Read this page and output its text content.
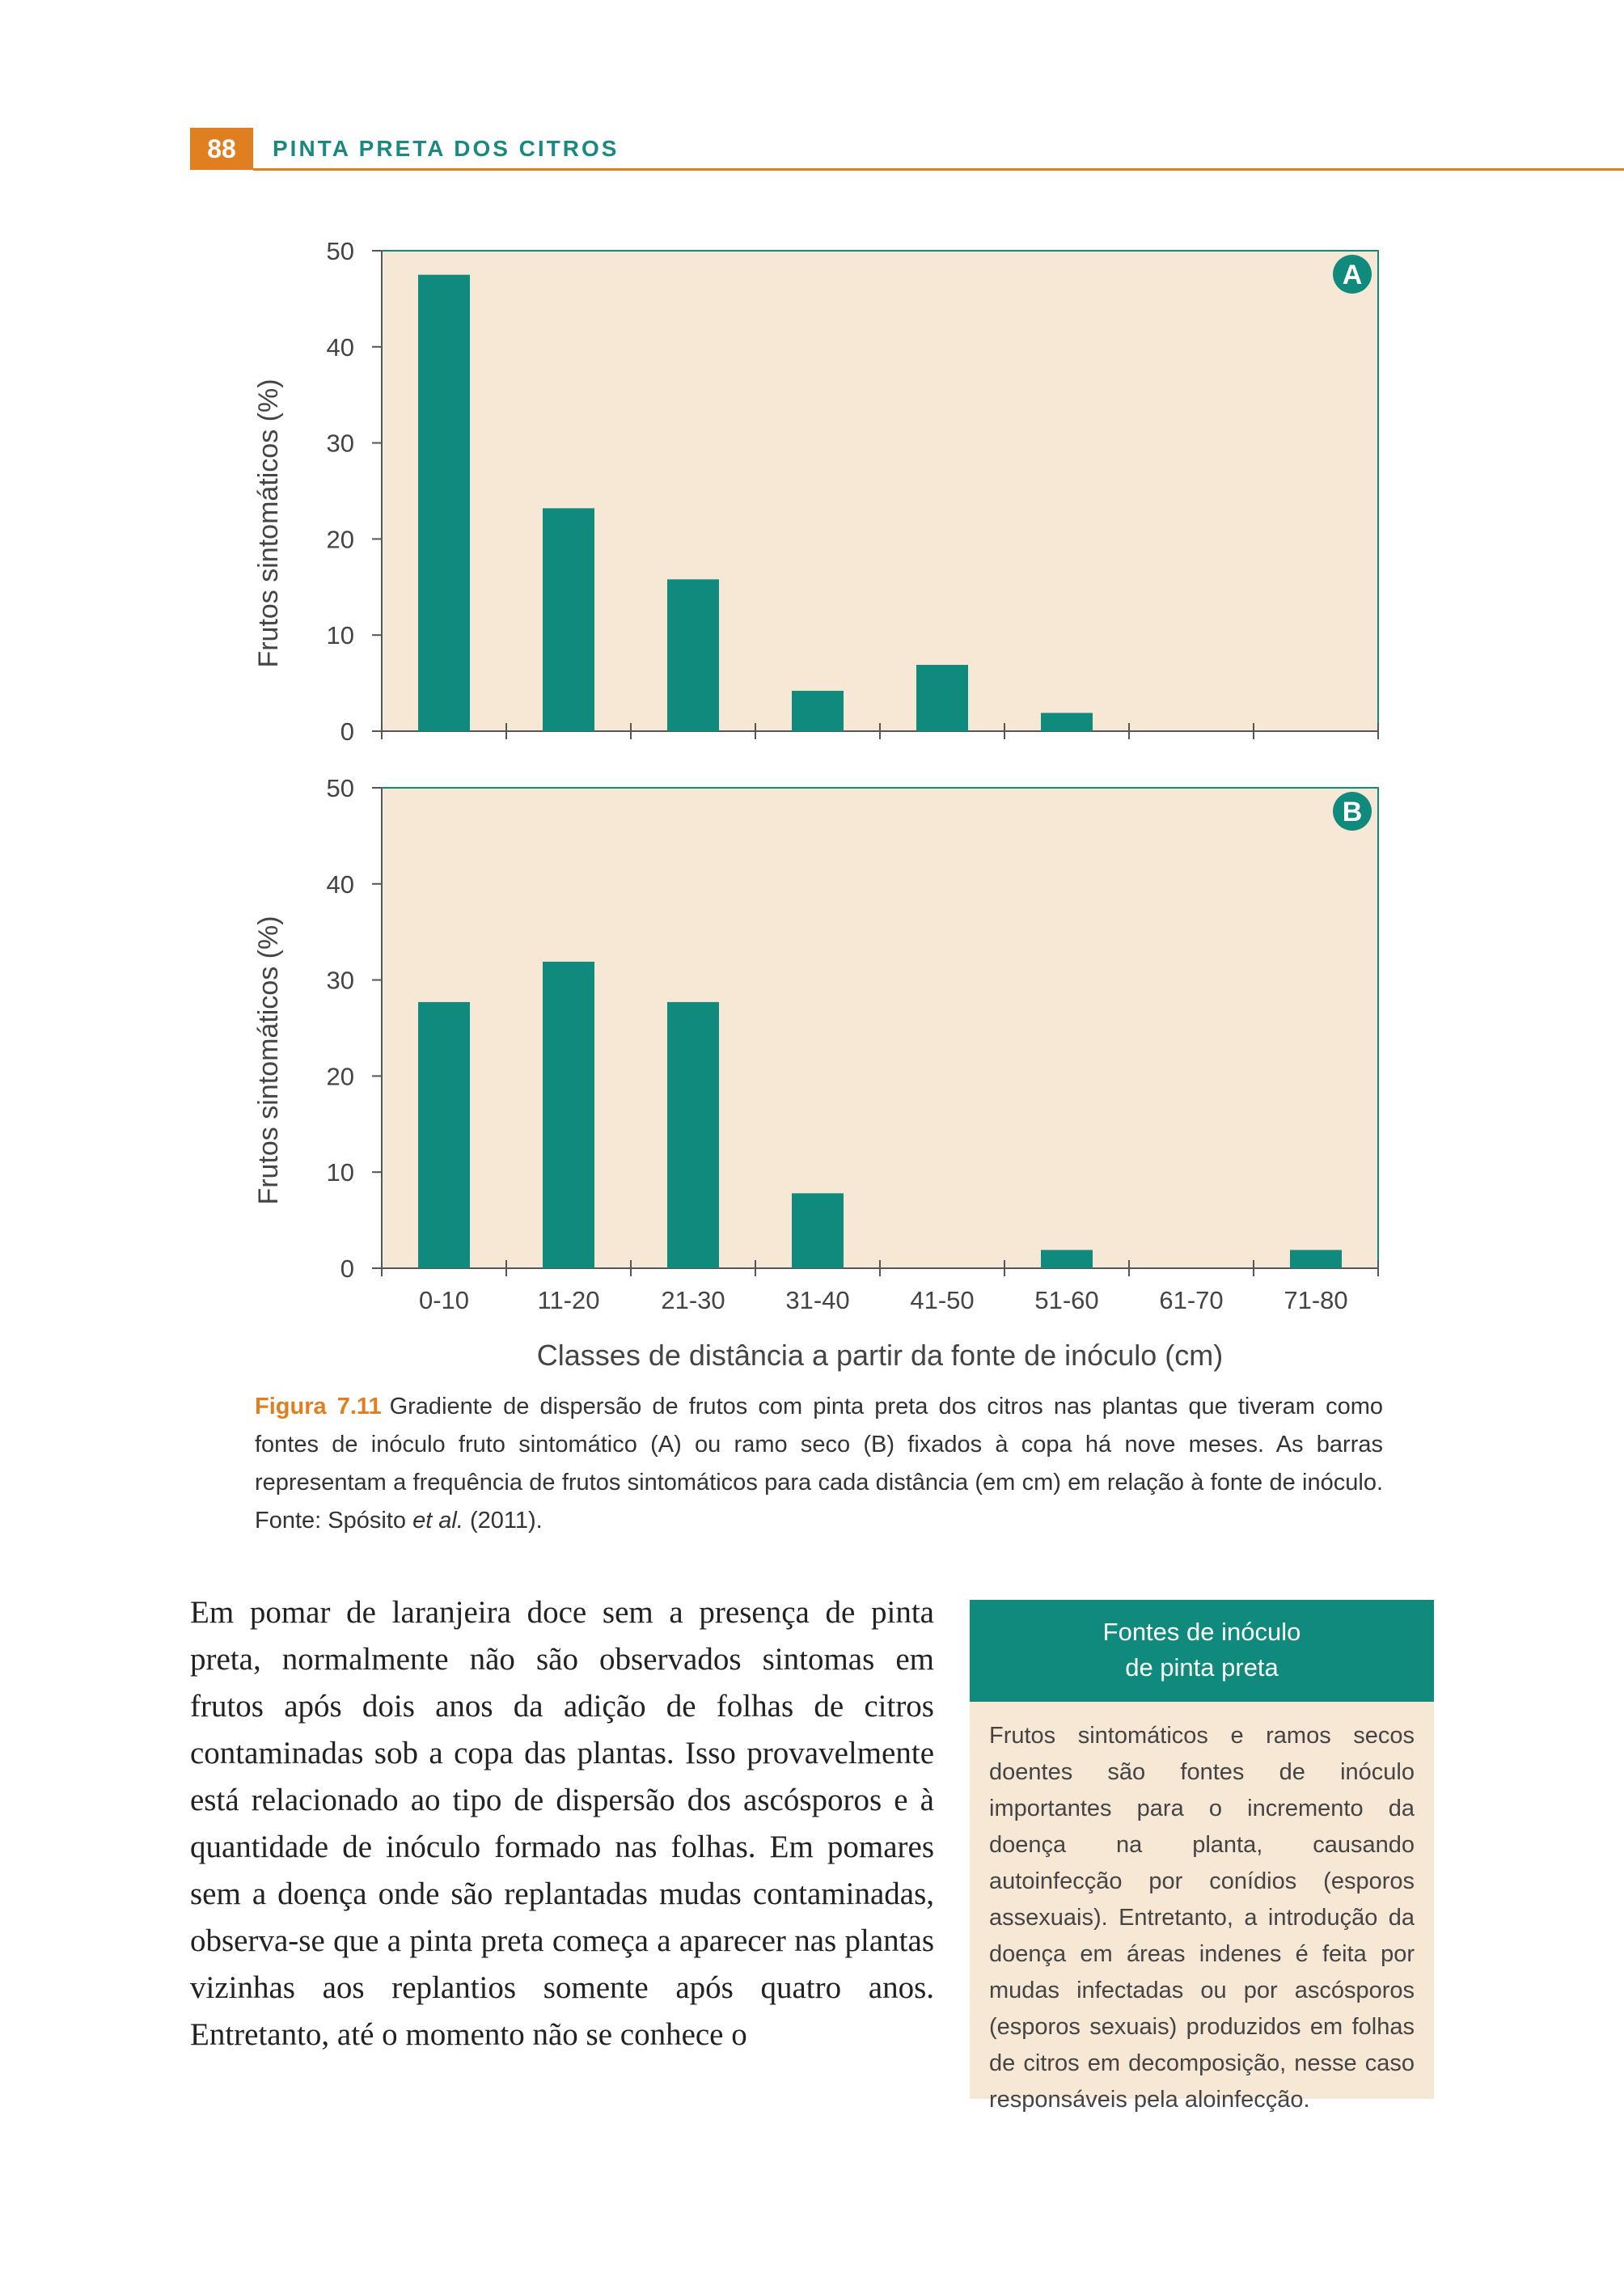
88	PINTA PRETA DOS CITROS
0
10
20
30
40
50
A
Frutos sintomáticos (%)
0
10
20
30
40
50
0-10	11-20 21-30 31-40 41-50 51-60 61-70 71-80
B
Frutos sintomáticos (%)
Classes de distância a partir da fonte de inóculo (cm)
Figura 7.11 Gradiente de dispersão de frutos com pinta preta dos citros nas plantas que tiveram como fontes de inóculo fruto sintomático (A) ou ramo seco (B) fixados à copa há nove meses. As barras representam a frequência de frutos sintomáticos para cada distância (em cm) em relação à fonte de inóculo. Fonte: Spósito et al. (2011).
Em pomar de laranjeira doce sem a presença de pinta preta, normalmente não são observados sintomas em frutos após dois anos da adição de folhas de citros contaminadas sob a copa das plantas. Isso provavelmente está relacionado ao tipo de dispersão dos ascósporos e à quantidade de inóculo formado nas folhas. Em pomares sem a doença onde são replantadas mudas contaminadas, observa-se que a pinta preta começa a aparecer nas plantas vizinhas aos replantios somente após quatro anos. Entretanto, até o momento não se conhece o
Fontes de inóculo
de pinta preta
Frutos sintomáticos e ramos secos doentes são fontes de inóculo importantes para o incremento da doença na planta, causando autoinfecção por conídios (esporos assexuais). Entretanto, a introdução da doença em áreas indenes é feita por mudas infectadas ou por ascósporos (esporos sexuais) produzidos em folhas de citros em decomposição, nesse caso responsáveis pela aloinfecção.
